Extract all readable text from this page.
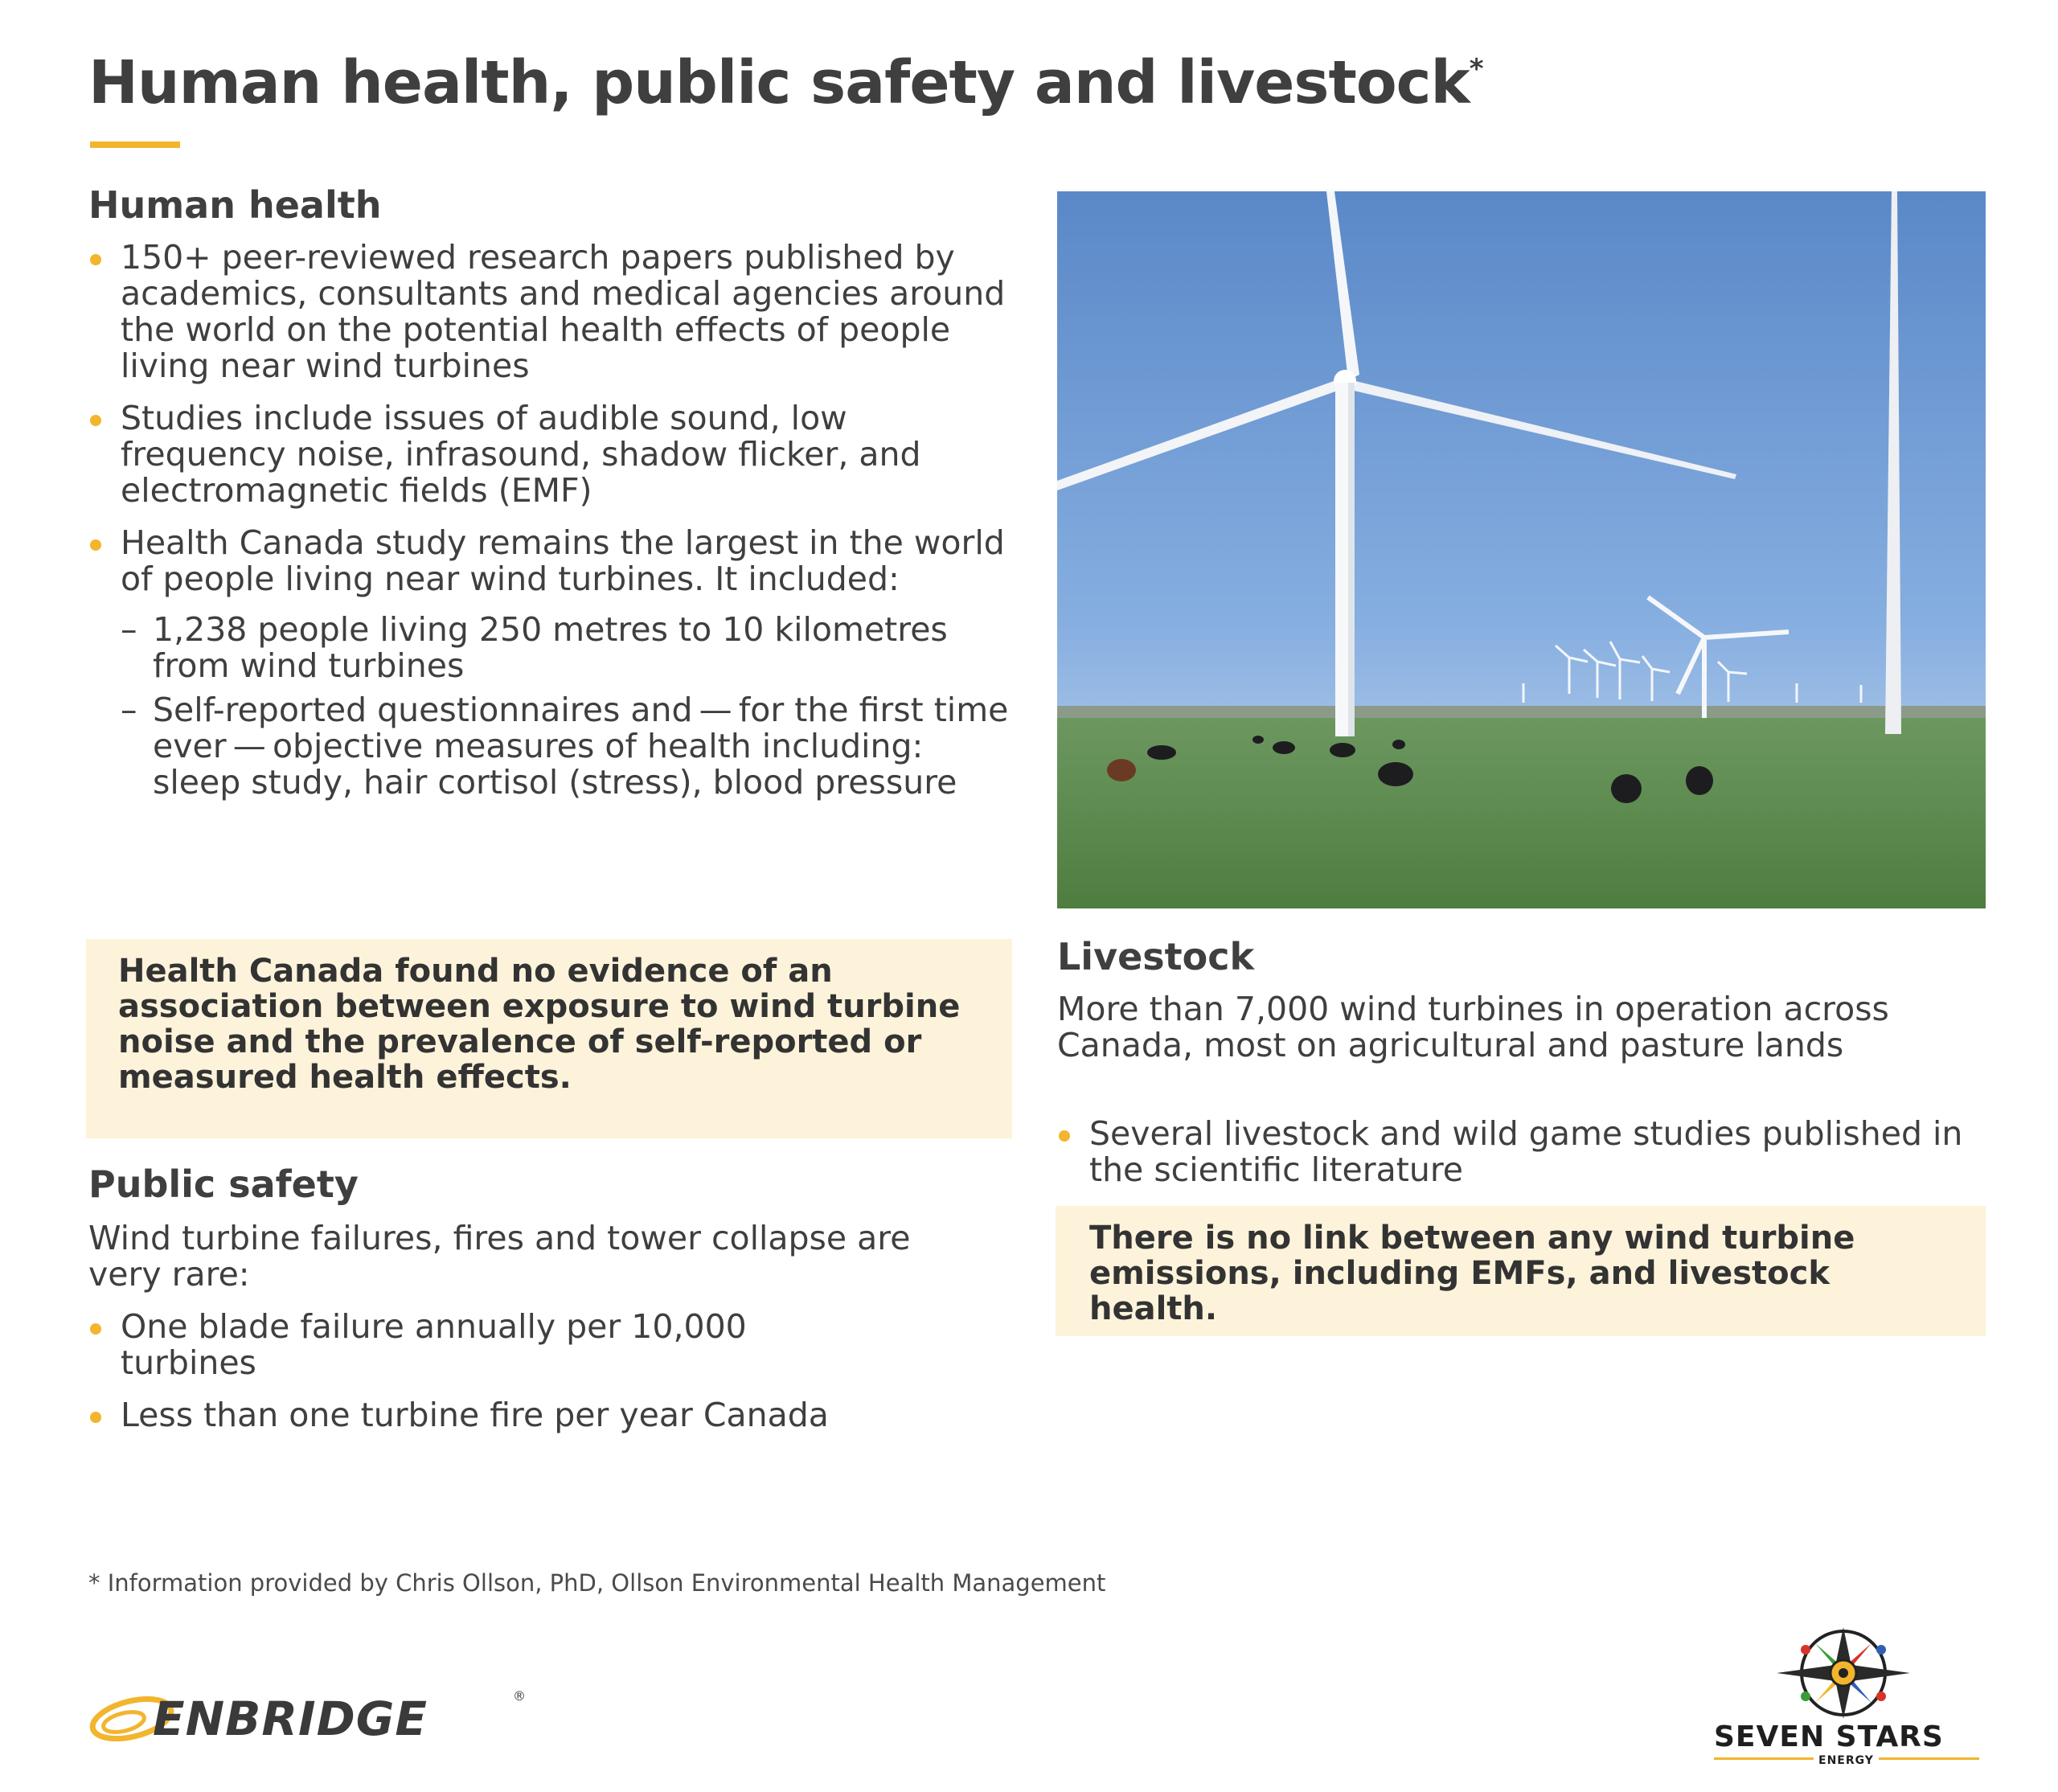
Human health, public safety and livestock*
Human health
150+ peer-reviewed research papers published by academics, consultants and medical agencies around the world on the potential health effects of people living near wind turbines
Studies include issues of audible sound, low frequency noise, infrasound, shadow flicker, and electromagnetic fields (EMF)
Health Canada study remains the largest in the world of people living near wind turbines. It included:
– 1,238 people living 250 metres to 10 kilometres from wind turbines
– Self-reported questionnaires and — for the first time ever — objective measures of health including: sleep study, hair cortisol (stress), blood pressure
Health Canada found no evidence of an association between exposure to wind turbine noise and the prevalence of self-reported or measured health effects.
Public safety
Wind turbine failures, fires and tower collapse are very rare:
One blade failure annually per 10,000 turbines
Less than one turbine fire per year Canada
Livestock
More than 7,000 wind turbines in operation across Canada, most on agricultural and pasture lands
Several livestock and wild game studies published in the scientific literature
There is no link between any wind turbine emissions, including EMFs, and livestock health.
* Information provided by Chris Ollson, PhD, Ollson Environmental Health Management
ENBRIDGE	®
SEVEN STARS
ENERGY
